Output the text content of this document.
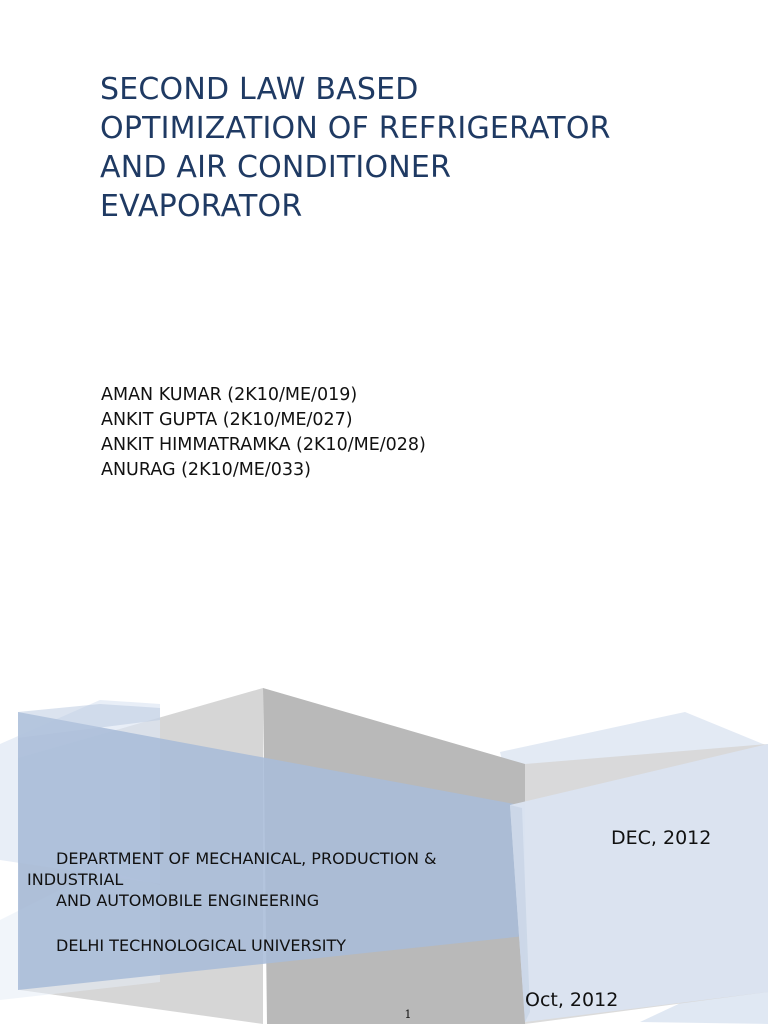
SECOND LAW BASED
OPTIMIZATION OF REFRIGERATOR
AND AIR CONDITIONER
EVAPORATOR
AMAN KUMAR (2K10/ME/019)
ANKIT GUPTA (2K10/ME/027)
ANKIT HIMMATRAMKA (2K10/ME/028)
ANURAG (2K10/ME/033)
DEC, 2012
DEPARTMENT OF MECHANICAL, PRODUCTION &
INDUSTRIAL
AND AUTOMOBILE ENGINEERING
DELHI TECHNOLOGICAL UNIVERSITY
Oct, 2012
1
